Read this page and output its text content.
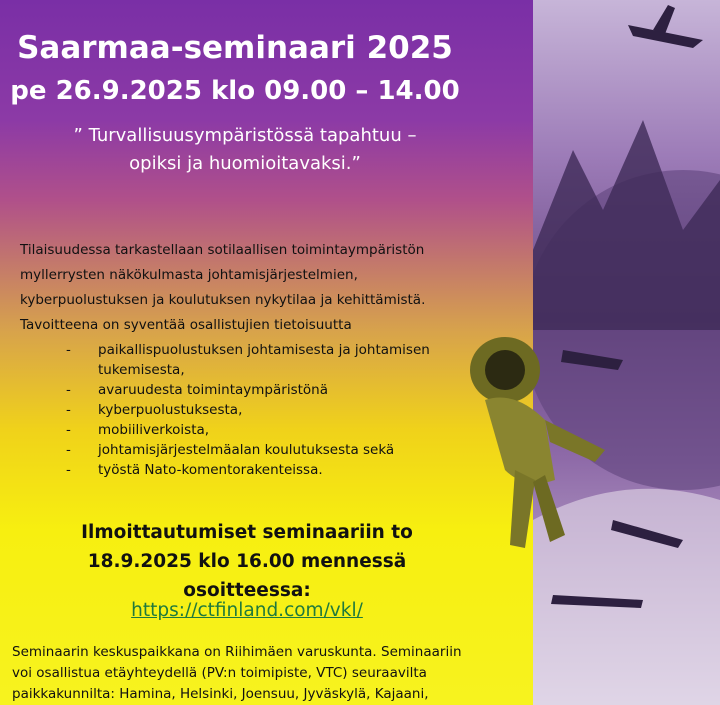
Saarmaa-seminaari 2025

pe 26.9.2025 klo 09.00 – 14.00

” Turvallisuusympäristössä tapahtuu –
opiksi ja huomioitavaksi.”
Tilaisuudessa tarkastellaan sotilaallisen toimintaympäristön
myllerrysten näkökulmasta johtamisjärjestelmien,
kyberpuolustuksen ja koulutuksen nykytilaa ja kehittämistä.
Tavoitteena on syventää osallistujien tietoisuutta
- paikallispuolustuksen johtamisesta ja johtamisen tukemisesta,
- avaruudesta toimintaympäristönä
- kyberpuolustuksesta,
- mobiiliverkoista,
- johtamisjärjestelmäalan koulutuksesta sekä
- työstä Nato-komentorakenteissa.
Ilmoittautumiset seminaariin to
18.9.2025 klo 16.00 mennessä
osoitteessa:
https://ctfinland.com/vkl/
Seminaarin keskuspaikkana on Riihimäen varuskunta. Seminaariin
voi osallistua etäyhteydellä (PV:n toimipiste, VTC) seuraavilta
paikkakunnilta: Hamina, Helsinki, Joensuu, Jyväskylä, Kajaani,
